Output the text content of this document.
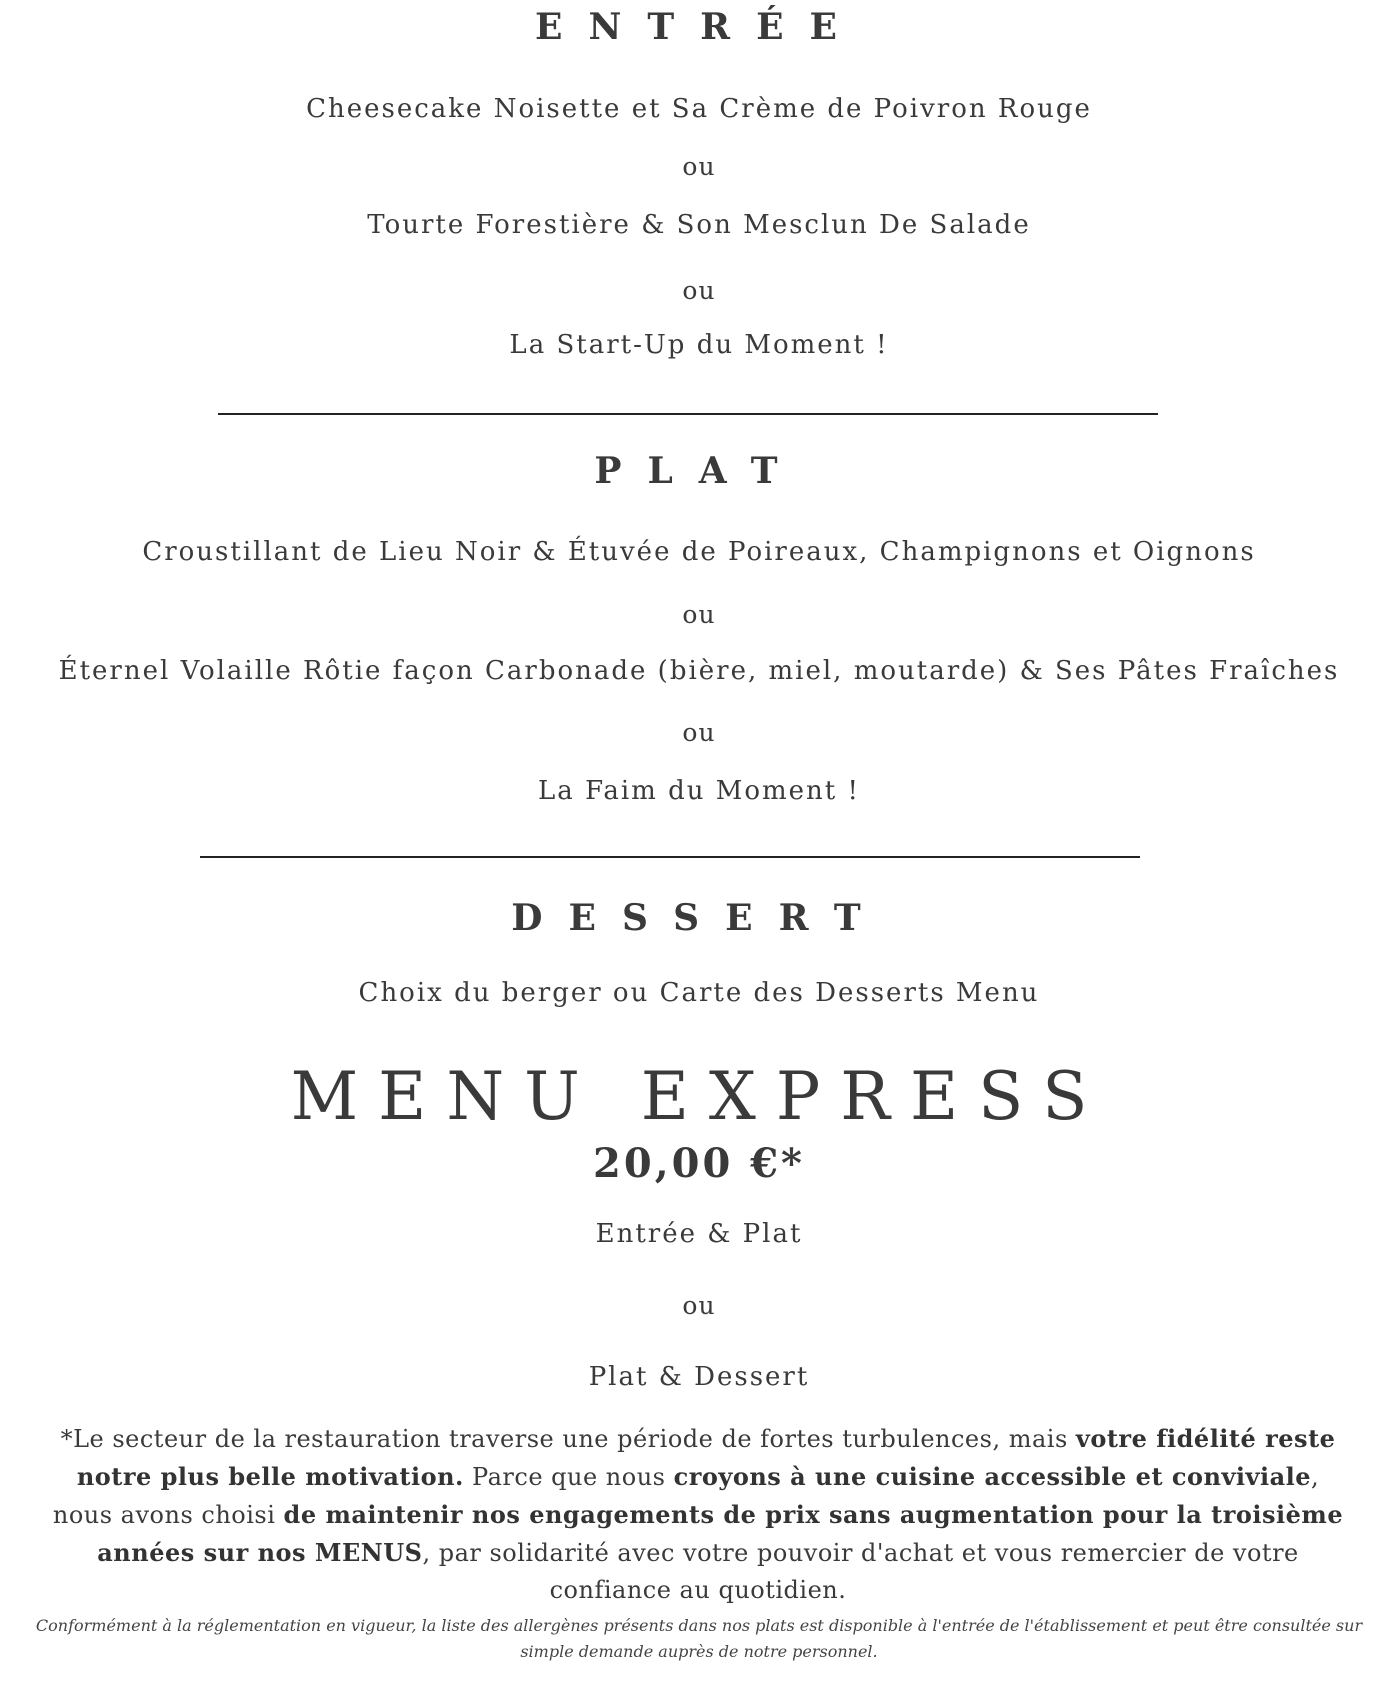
ENTRÉE
Cheesecake Noisette et Sa Crème de Poivron Rouge
ou
Tourte Forestière & Son Mesclun De Salade
ou
La Start-Up du Moment !
PLAT
Croustillant de Lieu Noir & Étuvée de Poireaux, Champignons et Oignons
ou
Éternel Volaille Rôtie façon Carbonade (bière, miel, moutarde) & Ses Pâtes Fraîches
ou
La Faim du Moment !
DESSERT
Choix du berger ou Carte des Desserts Menu
MENU EXPRESS
20,00 €*
Entrée & Plat
ou
Plat & Dessert
*Le secteur de la restauration traverse une période de fortes turbulences, mais votre fidélité reste notre plus belle motivation. Parce que nous croyons à une cuisine accessible et conviviale, nous avons choisi de maintenir nos engagements de prix sans augmentation pour la troisième années sur nos MENUS, par solidarité avec votre pouvoir d'achat et vous remercier de votre confiance au quotidien.
Conformément à la réglementation en vigueur, la liste des allergènes présents dans nos plats est disponible à l'entrée de l'établissement et peut être consultée sur simple demande auprès de notre personnel.
